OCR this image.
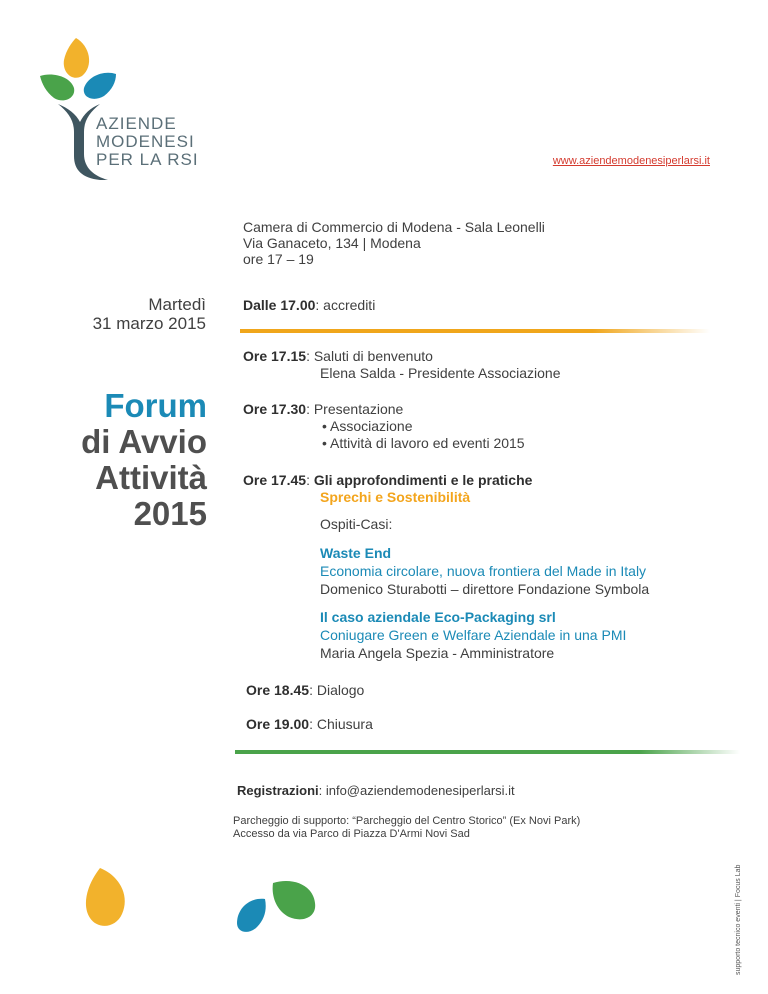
AZIENDE
MODENESI
PER LA RSI	www.aziendemodenesiperlarsi.it
Camera di Commercio di Modena - Sala Leonelli
Via Ganaceto, 134 | Modena
ore 17 – 19
Martedì
31 marzo 2015
Forum
di Avvio
Attività
2015
Dalle 17.00: accrediti
Ore 17.15: Saluti di benvenuto
Elena Salda - Presidente Associazione
Ore 17.30: Presentazione
• Associazione
• Attività di lavoro ed eventi 2015
Ore 17.45: Gli approfondimenti e le pratiche
Sprechi e Sostenibilità
Ospiti-Casi:
Waste End
Economia circolare, nuova frontiera del Made in Italy
Domenico Sturabotti – direttore Fondazione Symbola
Il caso aziendale Eco-Packaging srl
Coniugare Green e Welfare Aziendale in una PMI
Maria Angela Spezia - Amministratore
Ore 18.45: Dialogo
Ore 19.00: Chiusura
Registrazioni: info@aziendemodenesiperlarsi.it
Parcheggio di supporto: “Parcheggio del Centro Storico” (Ex Novi Park)
Accesso da via Parco di Piazza D'Armi Novi Sad
supporto tecnico eventi | Focus Lab
